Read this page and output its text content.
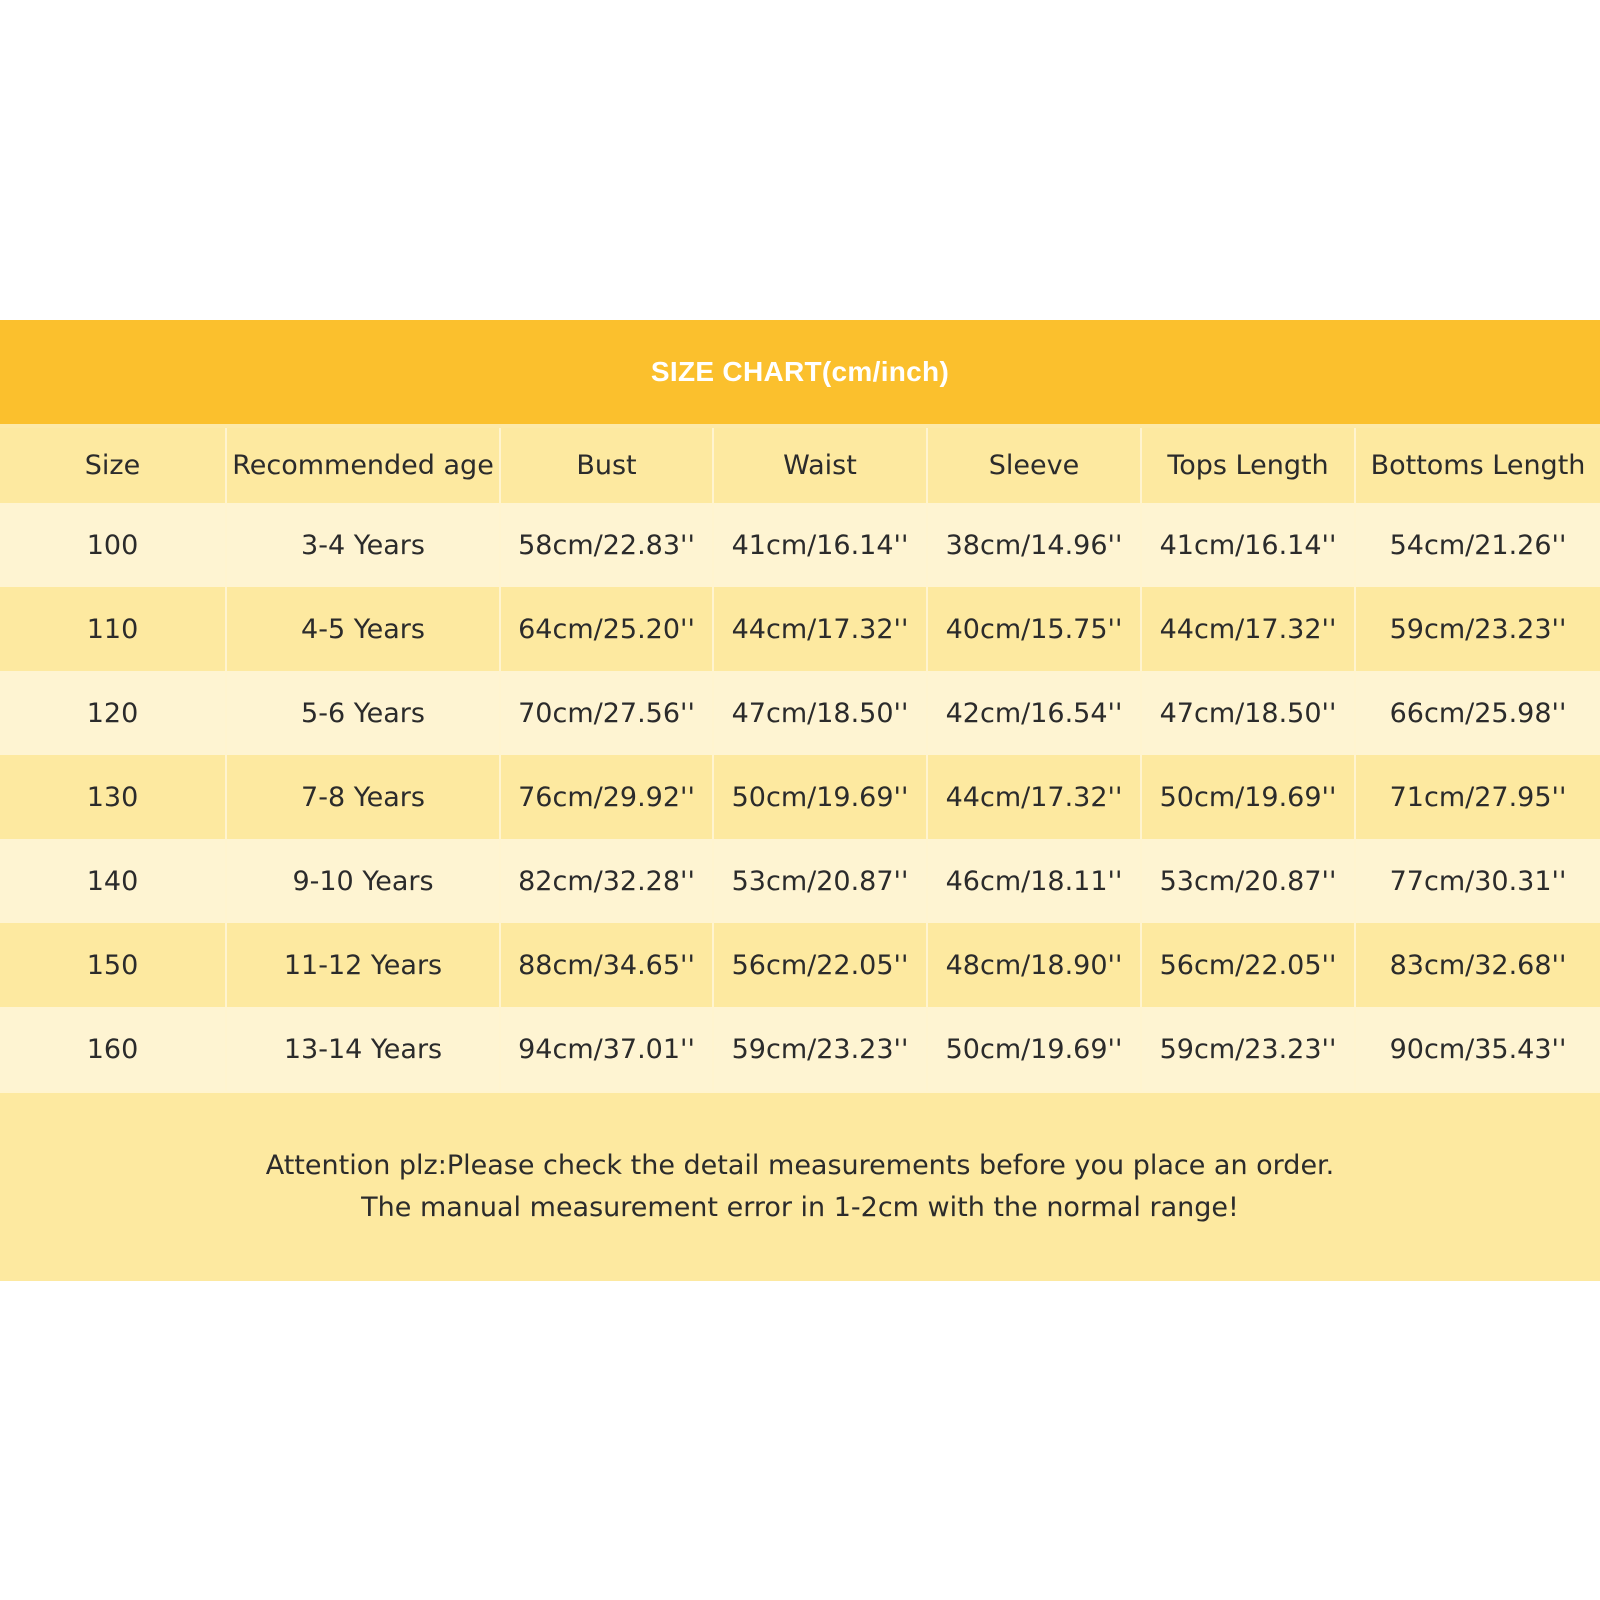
SIZE CHART(cm/inch)
Size	Recommended age	Bust	Waist	Sleeve	Tops Length	Bottoms Length
100	3-4 Years	58cm/22.83''	41cm/16.14''	38cm/14.96''	41cm/16.14''	54cm/21.26''
110	4-5 Years	64cm/25.20''	44cm/17.32''	40cm/15.75''	44cm/17.32''	59cm/23.23''
120	5-6 Years	70cm/27.56''	47cm/18.50''	42cm/16.54''	47cm/18.50''	66cm/25.98''
130	7-8 Years	76cm/29.92''	50cm/19.69''	44cm/17.32''	50cm/19.69''	71cm/27.95''
140	9-10 Years	82cm/32.28''	53cm/20.87''	46cm/18.11''	53cm/20.87''	77cm/30.31''
150	11-12 Years	88cm/34.65''	56cm/22.05''	48cm/18.90''	56cm/22.05''	83cm/32.68''
160	13-14 Years	94cm/37.01''	59cm/23.23''	50cm/19.69''	59cm/23.23''	90cm/35.43''
Attention plz:Please check the detail measurements before you place an order.
The manual measurement error in 1-2cm with the normal range!
